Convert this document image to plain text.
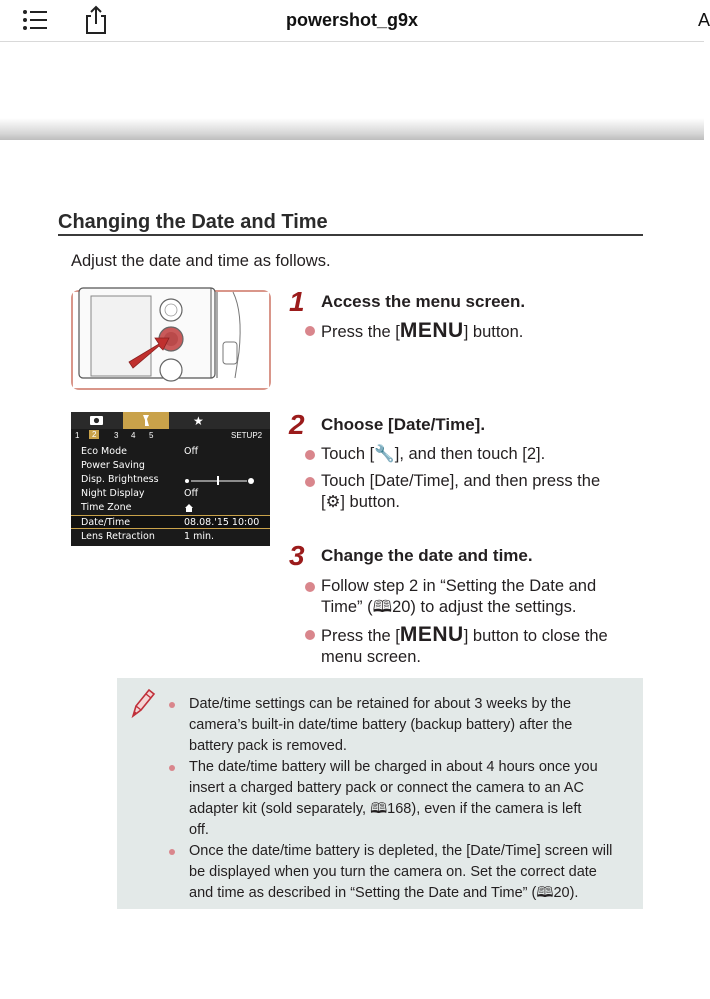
powershot_g9x	A
Changing the Date and Time
Adjust the date and time as follows.
★
1	2	3 4 5	SETUP2
Eco Mode	Off
Power Saving
Disp. Brightness
Night Display	Off
Time Zone
Date/Time	08.08.'15 10:00
Lens Retraction	1 min.
1 Access the menu screen.
Press the [MENU] button.
2 Choose [Date/Time].
Touch [🔧], and then touch [2].
Touch [Date/Time], and then press the
[⚙] button.
3 Change the date and time.
Follow step 2 in “Setting the Date and
Time” (🕮20) to adjust the settings.
Press the [MENU] button to close the
menu screen.
Date/time settings can be retained for about 3 weeks by the
camera’s built-in date/time battery (backup battery) after the
battery pack is removed.
The date/time battery will be charged in about 4 hours once you
insert a charged battery pack or connect the camera to an AC
adapter kit (sold separately, 🕮168), even if the camera is left
off.
Once the date/time battery is depleted, the [Date/Time] screen will
be displayed when you turn the camera on. Set the correct date
and time as described in “Setting the Date and Time” (🕮20).
